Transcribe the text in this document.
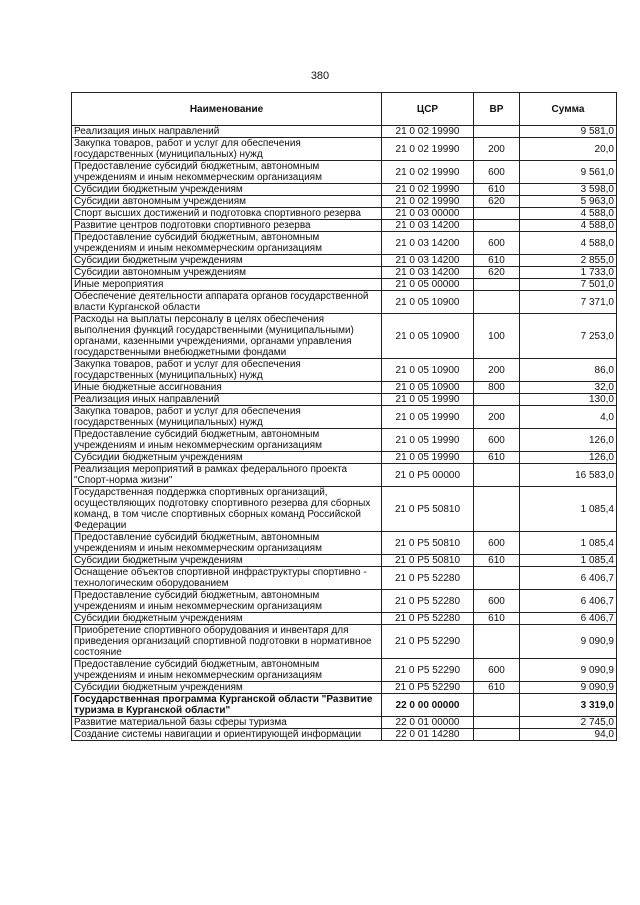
380
Наименование	ЦСР	ВР	Сумма
Реализация иных направлений	21 0 02 19990		9 581,0
Закупка товаров, работ и услуг для обеспечения государственных (муниципальных) нужд	21 0 02 19990	200	20,0
Предоставление субсидий бюджетным, автономным учреждениям и иным некоммерческим организациям	21 0 02 19990	600	9 561,0
Субсидии бюджетным учреждениям	21 0 02 19990	610	3 598,0
Субсидии автономным учреждениям	21 0 02 19990	620	5 963,0
Спорт высших достижений и подготовка спортивного резерва	21 0 03 00000		4 588,0
Развитие центров подготовки спортивного резерва	21 0 03 14200		4 588,0
Предоставление субсидий бюджетным, автономным учреждениям и иным некоммерческим организациям	21 0 03 14200	600	4 588,0
Субсидии бюджетным учреждениям	21 0 03 14200	610	2 855,0
Субсидии автономным учреждениям	21 0 03 14200	620	1 733,0
Иные мероприятия	21 0 05 00000		7 501,0
Обеспечение деятельности аппарата органов государственной власти Курганской области	21 0 05 10900		7 371,0
Расходы на выплаты персоналу в целях обеспечения выполнения функций государственными (муниципальными) органами, казенными учреждениями, органами управления государственными внебюджетными фондами	21 0 05 10900	100	7 253,0
Закупка товаров, работ и услуг для обеспечения государственных (муниципальных) нужд	21 0 05 10900	200	86,0
Иные бюджетные ассигнования	21 0 05 10900	800	32,0
Реализация иных направлений	21 0 05 19990		130,0
Закупка товаров, работ и услуг для обеспечения государственных (муниципальных) нужд	21 0 05 19990	200	4,0
Предоставление субсидий бюджетным, автономным учреждениям и иным некоммерческим организациям	21 0 05 19990	600	126,0
Субсидии бюджетным учреждениям	21 0 05 19990	610	126,0
Реализация мероприятий в рамках федерального проекта "Спорт-норма жизни"	21 0 P5 00000		16 583,0
Государственная поддержка спортивных организаций, осуществляющих подготовку спортивного резерва для сборных команд, в том числе спортивных сборных команд Российской Федерации	21 0 P5 50810		1 085,4
Предоставление субсидий бюджетным, автономным учреждениям и иным некоммерческим организациям	21 0 P5 50810	600	1 085,4
Субсидии бюджетным учреждениям	21 0 P5 50810	610	1 085,4
Оснащение объектов спортивной инфраструктуры спортивно - технологическим оборудованием	21 0 P5 52280		6 406,7
Предоставление субсидий бюджетным, автономным учреждениям и иным некоммерческим организациям	21 0 P5 52280	600	6 406,7
Субсидии бюджетным учреждениям	21 0 P5 52280	610	6 406,7
Приобретение спортивного оборудования и инвентаря для приведения организаций спортивной подготовки в нормативное состояние	21 0 P5 52290		9 090,9
Предоставление субсидий бюджетным, автономным учреждениям и иным некоммерческим организациям	21 0 P5 52290	600	9 090,9
Субсидии бюджетным учреждениям	21 0 P5 52290	610	9 090,9
Государственная программа Курганской области "Развитие туризма в Курганской области"	22 0 00 00000		3 319,0
Развитие материальной базы сферы туризма	22 0 01 00000		2 745,0
Создание системы навигации и ориентирующей информации	22 0 01 14280		94,0
